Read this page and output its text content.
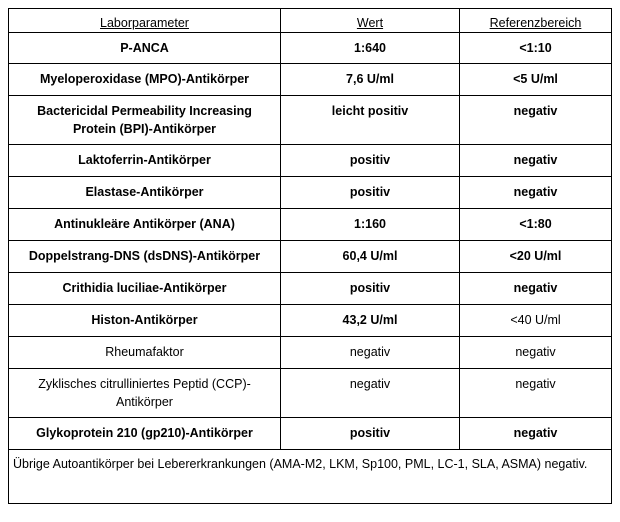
Laborparameter	Wert	Referenzbereich
P-ANCA	1:640	<1:10
Myeloperoxidase (MPO)-Antikörper	7,6 U/ml	<5 U/ml
Bactericidal Permeability Increasing Protein (BPI)-Antikörper	leicht positiv	negativ
Laktoferrin-Antikörper	positiv	negativ
Elastase-Antikörper	positiv	negativ
Antinukleäre Antikörper (ANA)	1:160	<1:80
Doppelstrang-DNS (dsDNS)-Antikörper	60,4 U/ml	<20 U/ml
Crithidia luciliae-Antikörper	positiv	negativ
Histon-Antikörper	43,2 U/ml	<40 U/ml
Rheumafaktor	negativ	negativ
Zyklisches citrulliniertes Peptid (CCP)-Antikörper	negativ	negativ
Glykoprotein 210 (gp210)-Antikörper	positiv	negativ
Übrige Autoantikörper bei Lebererkrankungen (AMA-M2, LKM, Sp100, PML, LC-1, SLA, ASMA) negativ.		
